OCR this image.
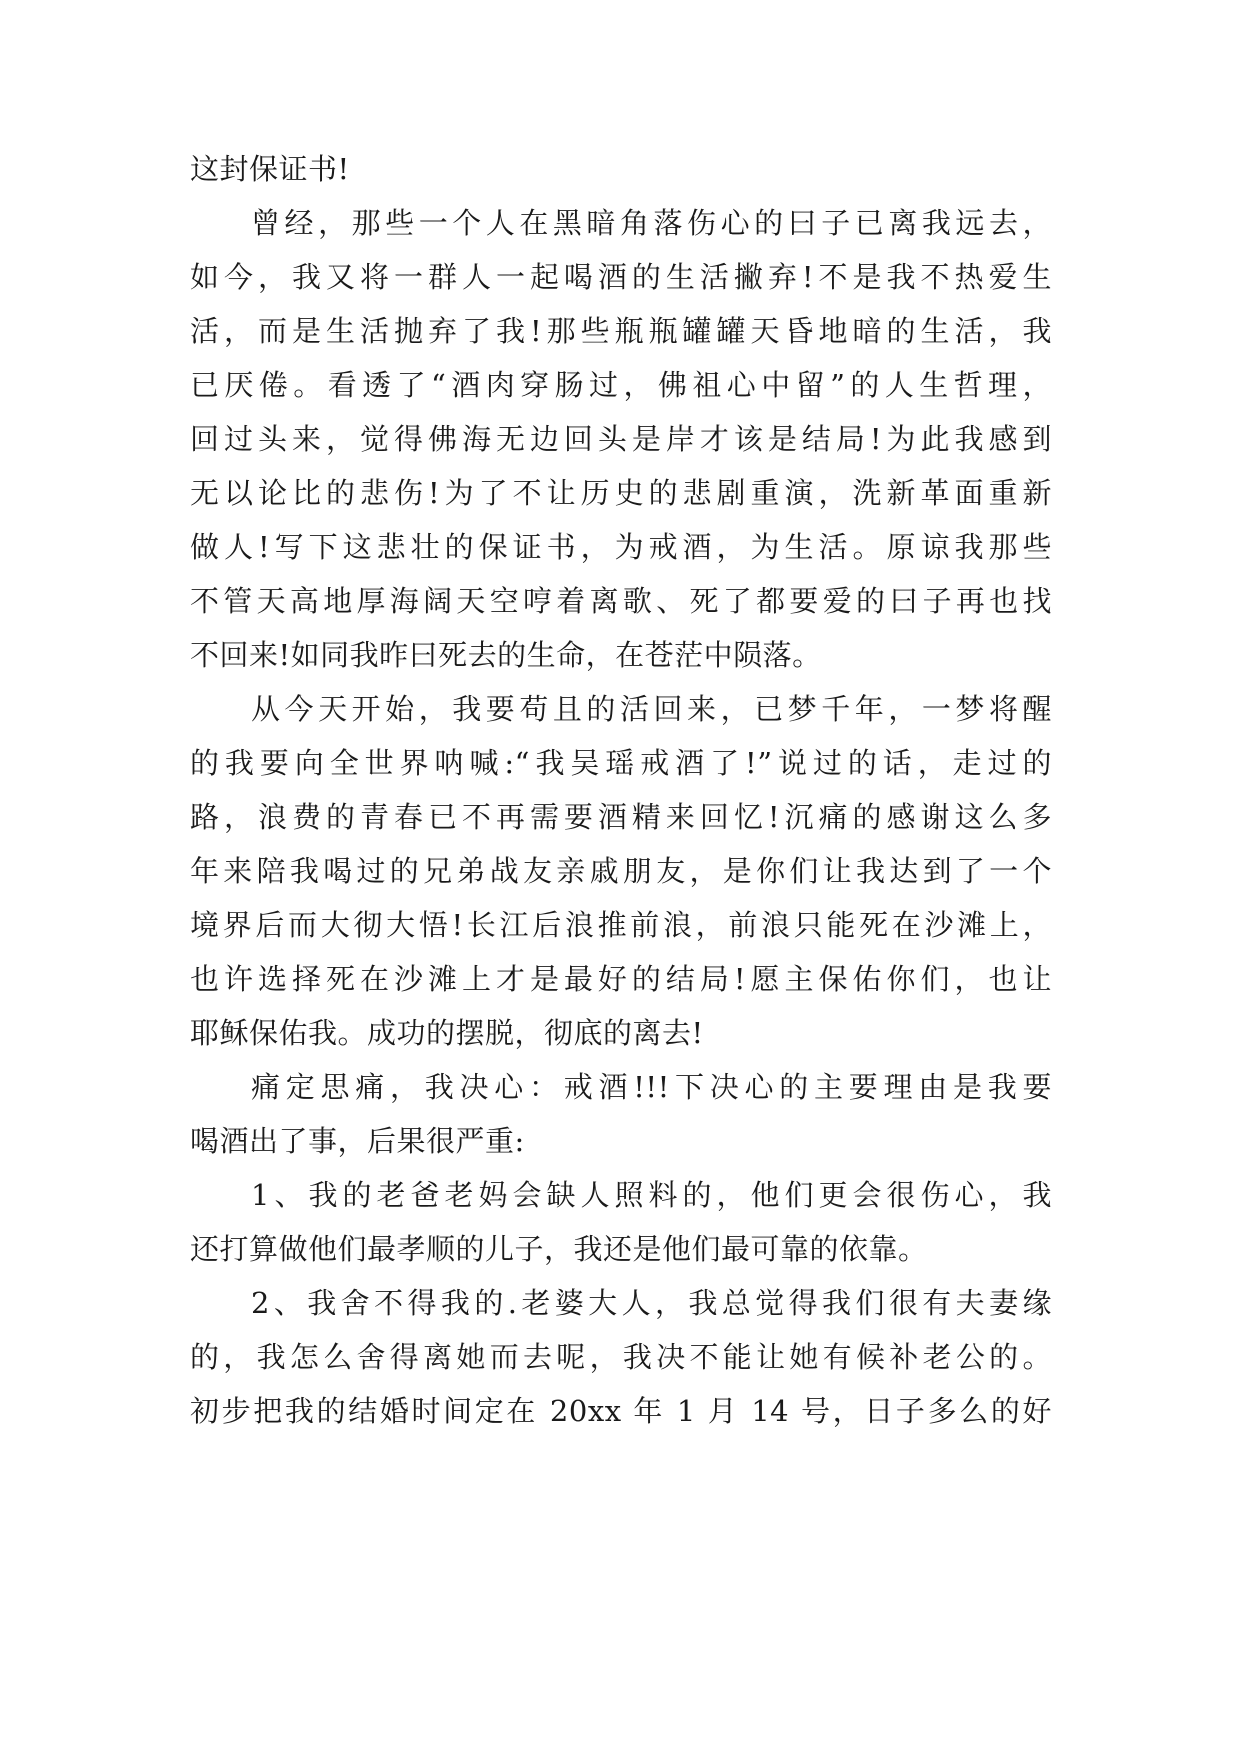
这封保证书!
曾经，那些一个人在黑暗角落伤心的曰子已离我远去，
如今，我又将一群人一起喝酒的生活撇弃!不是我不热爱生
活，而是生活抛弃了我!那些瓶瓶罐罐天昏地暗的生活，我
已厌倦。看透了“酒肉穿肠过，佛祖心中留”的人生哲理，
回过头来，觉得佛海无边回头是岸才该是结局!为此我感到
无以论比的悲伤!为了不让历史的悲剧重演，洗新革面重新
做人!写下这悲壮的保证书，为戒酒，为生活。原谅我那些
不管天高地厚海阔天空哼着离歌、死了都要爱的曰子再也找
不回来!如同我昨曰死去的生命，在苍茫中陨落。
从今天开始，我要苟且的活回来，已梦千年，一梦将醒
的我要向全世界呐喊:“我吴瑶戒酒了!”说过的话，走过的
路，浪费的青春已不再需要酒精来回忆!沉痛的感谢这么多
年来陪我喝过的兄弟战友亲戚朋友，是你们让我达到了一个
境界后而大彻大悟!长江后浪推前浪，前浪只能死在沙滩上，
也许选择死在沙滩上才是最好的结局!愿主保佑你们，也让
耶稣保佑我。成功的摆脱，彻底的离去!
痛定思痛，我决心：戒酒!!!下决心的主要理由是我要
喝酒出了事，后果很严重:
1、我的老爸老妈会缺人照料的，他们更会很伤心，我
还打算做他们最孝顺的儿子，我还是他们最可靠的依靠。
2、我舍不得我的.老婆大人，我总觉得我们很有夫妻缘
的，我怎么舍得离她而去呢，我决不能让她有候补老公的。
初步把我的结婚时间定在 20xx 年 1 月 14 号，日子多么的好
